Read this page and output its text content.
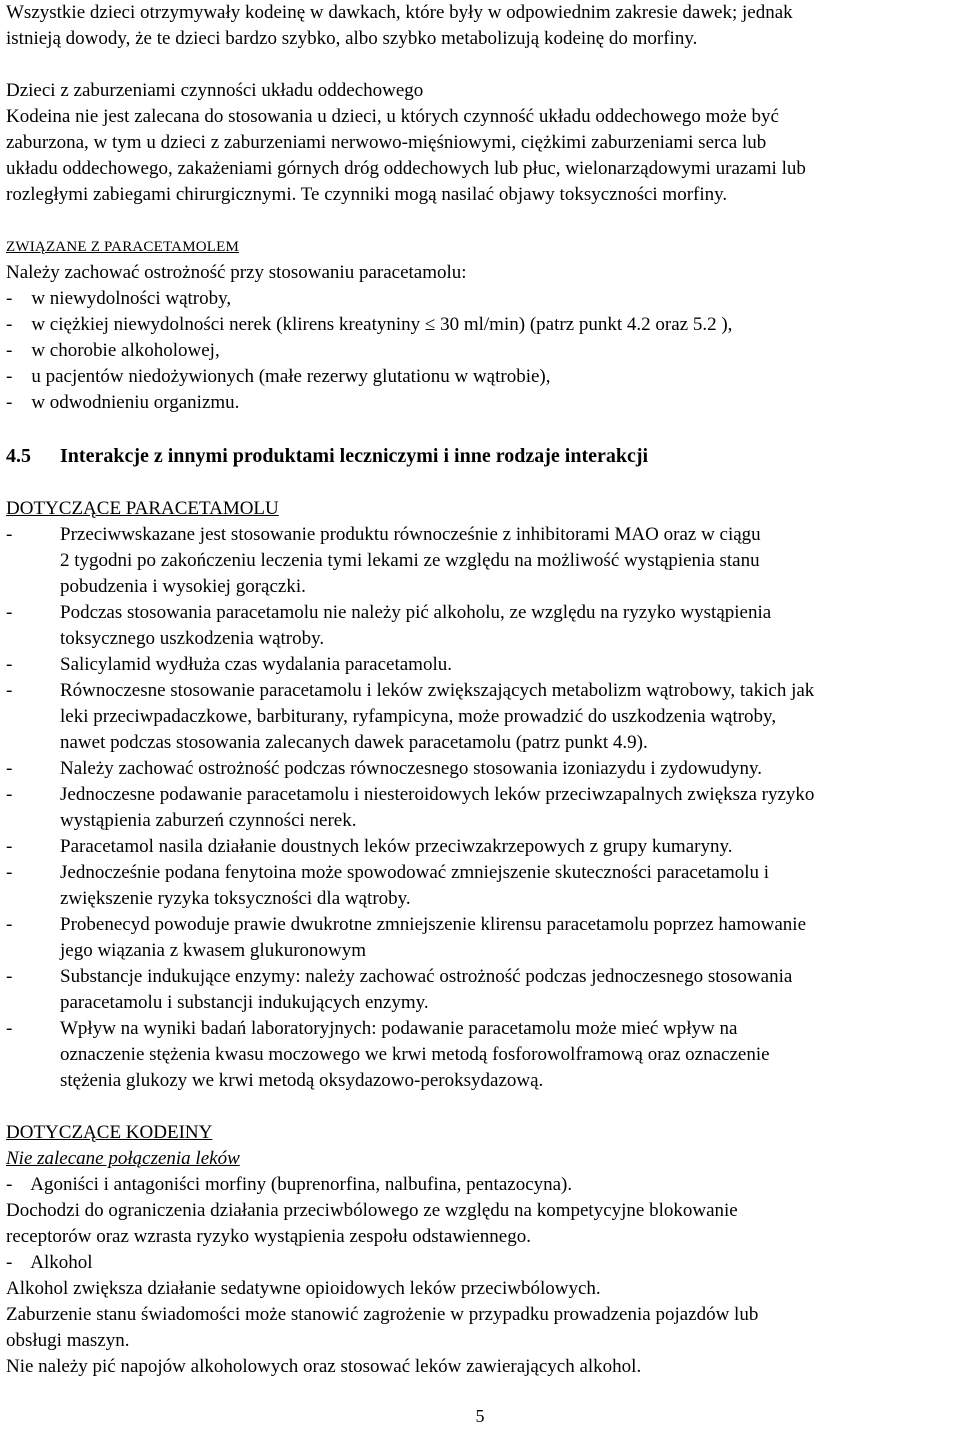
Wszystkie dzieci otrzymywały kodeinę w dawkach, które były w odpowiednim zakresie dawek; jednak
istnieją dowody, że te dzieci bardzo szybko, albo szybko metabolizują kodeinę do morfiny.
Dzieci z zaburzeniami czynności układu oddechowego
Kodeina nie jest zalecana do stosowania u dzieci, u których czynność układu oddechowego może być
zaburzona, w tym u dzieci z zaburzeniami nerwowo-mięśniowymi, ciężkimi zaburzeniami serca lub
układu oddechowego, zakażeniami górnych dróg oddechowych lub płuc, wielonarządowymi urazami lub
rozległymi zabiegami chirurgicznymi. Te czynniki mogą nasilać objawy toksyczności morfiny.
ZWIĄZANE Z PARACETAMOLEM
Należy zachować ostrożność przy stosowaniu paracetamolu:
-    w niewydolności wątroby,
-    w ciężkiej niewydolności nerek (klirens kreatyniny ≤ 30 ml/min) (patrz punkt 4.2 oraz 5.2 ),
-    w chorobie alkoholowej,
-    u pacjentów niedożywionych (małe rezerwy glutationu w wątrobie),
-    w odwodnieniu organizmu.
4.5 Interakcje z innymi produktami leczniczymi i inne rodzaje interakcji
DOTYCZĄCE PARACETAMOLU
-	Przeciwwskazane jest stosowanie produktu równocześnie z inhibitorami MAO oraz w ciągu
2 tygodni po zakończeniu leczenia tymi lekami ze względu na możliwość wystąpienia stanu
pobudzenia i wysokiej gorączki.
-	Podczas stosowania paracetamolu nie należy pić alkoholu, ze względu na ryzyko wystąpienia
toksycznego uszkodzenia wątroby.
-	Salicylamid wydłuża czas wydalania paracetamolu.
-	Równoczesne stosowanie paracetamolu i leków zwiększających metabolizm wątrobowy, takich jak
leki przeciwpadaczkowe, barbiturany, ryfampicyna, może prowadzić do uszkodzenia wątroby,
nawet podczas stosowania zalecanych dawek paracetamolu (patrz punkt 4.9).
-	Należy zachować ostrożność podczas równoczesnego stosowania izoniazydu i zydowudyny.
-	Jednoczesne podawanie paracetamolu i niesteroidowych leków przeciwzapalnych zwiększa ryzyko
wystąpienia zaburzeń czynności nerek.
-	Paracetamol nasila działanie doustnych leków przeciwzakrzepowych z grupy kumaryny.
-	Jednocześnie podana fenytoina może spowodować zmniejszenie skuteczności paracetamolu i
zwiększenie ryzyka toksyczności dla wątroby.
-	Probenecyd powoduje prawie dwukrotne zmniejszenie klirensu paracetamolu poprzez hamowanie
jego wiązania z kwasem glukuronowym
-	Substancje indukujące enzymy: należy zachować ostrożność podczas jednoczesnego stosowania
paracetamolu i substancji indukujących enzymy.
-	Wpływ na wyniki badań laboratoryjnych: podawanie paracetamolu może mieć wpływ na
oznaczenie stężenia kwasu moczowego we krwi metodą fosforowolframową oraz oznaczenie
stężenia glukozy we krwi metodą oksydazowo-peroksydazową.
DOTYCZĄCE KODEINY
Nie zalecane połączenia leków
-    Agoniści i antagoniści morfiny (buprenorfina, nalbufina, pentazocyna).
Dochodzi do ograniczenia działania przeciwbólowego ze względu na kompetycyjne blokowanie
receptorów oraz wzrasta ryzyko wystąpienia zespołu odstawiennego.
-    Alkohol
Alkohol zwiększa działanie sedatywne opioidowych leków przeciwbólowych.
Zaburzenie stanu świadomości może stanowić zagrożenie w przypadku prowadzenia pojazdów lub
obsługi maszyn.
Nie należy pić napojów alkoholowych oraz stosować leków zawierających alkohol.
5
